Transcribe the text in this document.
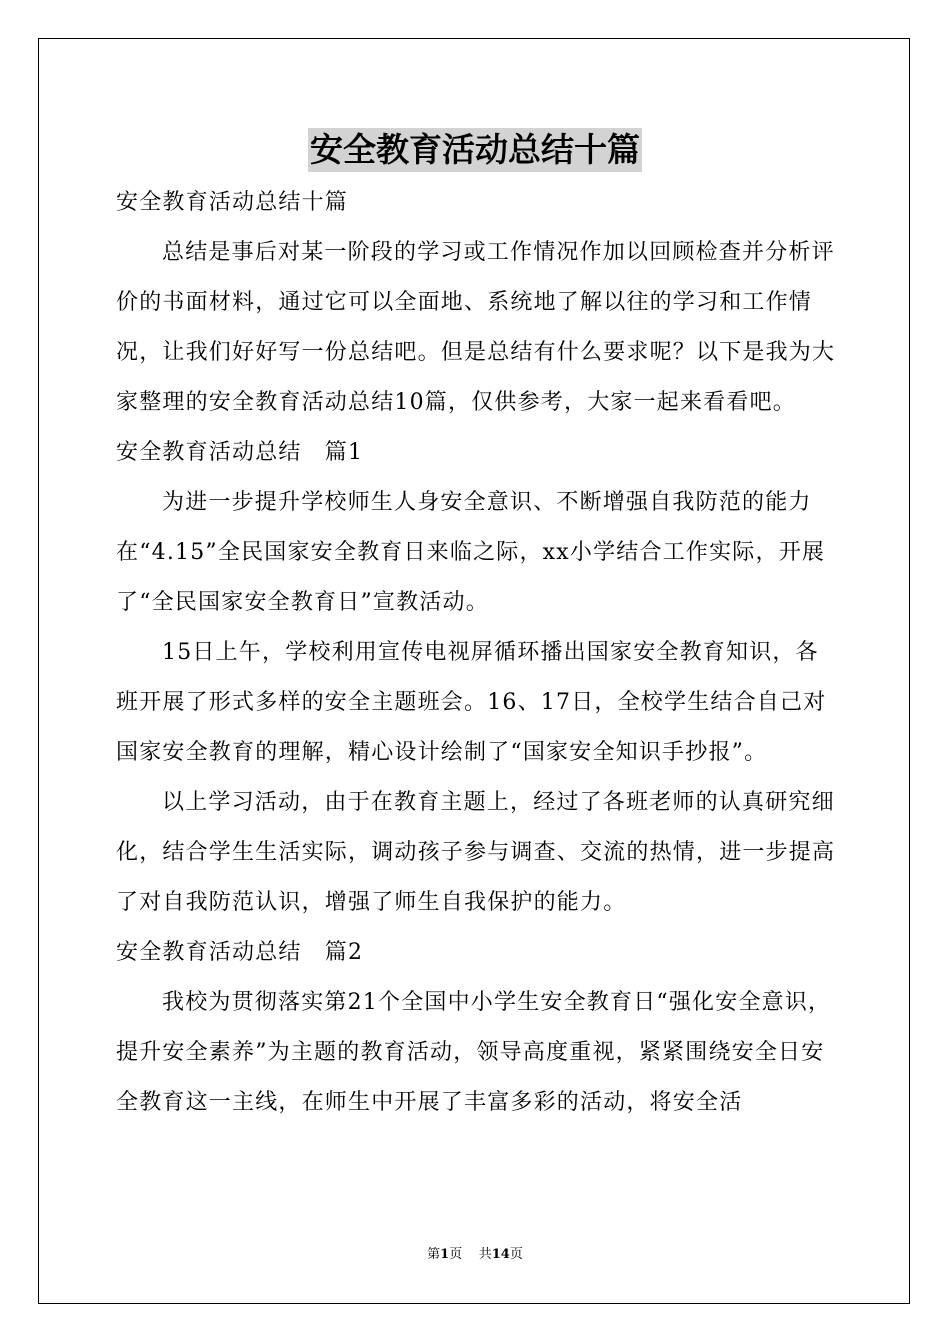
安全教育活动总结十篇

安全教育活动总结十篇

总结是事后对某一阶段的学习或工作情况作加以回顾检查并分析评价的书面材料，通过它可以全面地、系统地了解以往的学习和工作情况，让我们好好写一份总结吧。但是总结有什么要求呢？以下是我为大家整理的安全教育活动总结10篇，仅供参考，大家一起来看看吧。

安全教育活动总结　篇1

为进一步提升学校师生人身安全意识、不断增强自我防范的能力在“4.15”全民国家安全教育日来临之际，xx小学结合工作实际，开展了“全民国家安全教育日”宣教活动。

15日上午，学校利用宣传电视屏循环播出国家安全教育知识，各班开展了形式多样的安全主题班会。16、17日，全校学生结合自己对国家安全教育的理解，精心设计绘制了“国家安全知识手抄报”。

以上学习活动，由于在教育主题上，经过了各班老师的认真研究细化，结合学生生活实际，调动孩子参与调查、交流的热情，进一步提高了对自我防范认识，增强了师生自我保护的能力。

安全教育活动总结　篇2

我校为贯彻落实第21个全国中小学生安全教育日“强化安全意识，提升安全素养”为主题的教育活动，领导高度重视，紧紧围绕安全日安全教育这一主线，在师生中开展了丰富多彩的活动，将安全活

第1页 共14页
